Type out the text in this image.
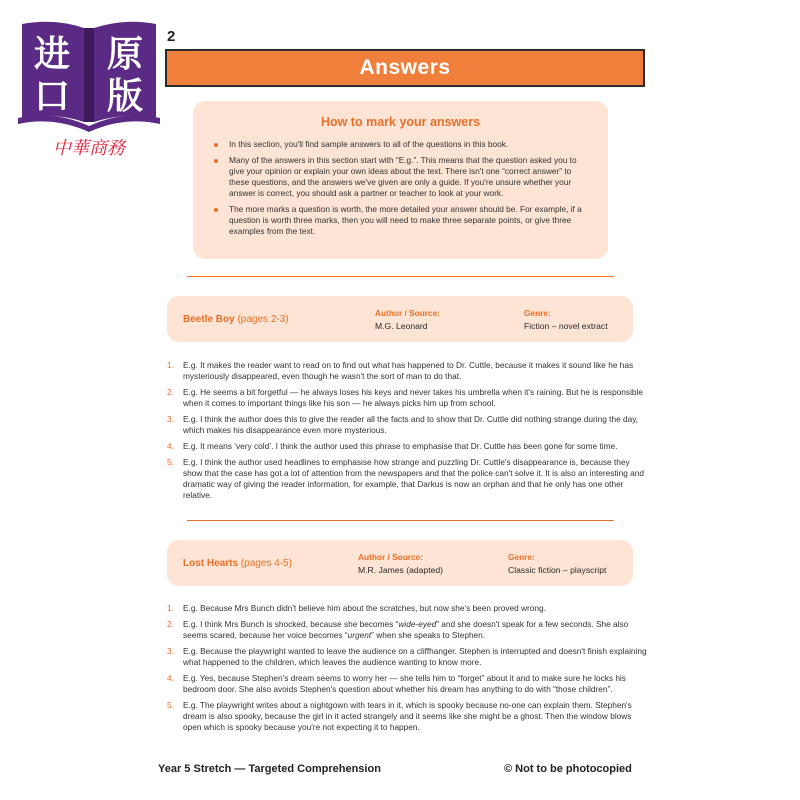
进 原
口 版
中華商務
2
Answers
How to mark your answers
In this section, you'll find sample answers to all of the questions in this book.
Many of the answers in this section start with “E.g.”. This means that the question asked you to give your opinion or explain your own ideas about the text. There isn't one “correct answer” to these questions, and the answers we've given are only a guide. If you're unsure whether your answer is correct, you should ask a partner or teacher to look at your work.
The more marks a question is worth, the more detailed your answer should be. For example, if a question is worth three marks, then you will need to make three separate points, or give three examples from the text.
Beetle Boy (pages 2-3)
Author / Source:
M.G. Leonard
Genre:
Fiction – novel extract
1. E.g. It makes the reader want to read on to find out what has happened to Dr. Cuttle, because it makes it sound like he has mysteriously disappeared, even though he wasn't the sort of man to do that.
2. E.g. He seems a bit forgetful — he always loses his keys and never takes his umbrella when it's raining. But he is responsible when it comes to important things like his son — he always picks him up from school.
3. E.g. I think the author does this to give the reader all the facts and to show that Dr. Cuttle did nothing strange during the day, which makes his disappearance even more mysterious.
4. E.g. It means ‘very cold’. I think the author used this phrase to emphasise that Dr. Cuttle has been gone for some time.
5. E.g. I think the author used headlines to emphasise how strange and puzzling Dr. Cuttle's disappearance is, because they show that the case has got a lot of attention from the newspapers and that the police can't solve it. It is also an interesting and dramatic way of giving the reader information, for example, that Darkus is now an orphan and that he only has one other relative.
Lost Hearts (pages 4-5)
Author / Source:
M.R. James (adapted)
Genre:
Classic fiction – playscript
1. E.g. Because Mrs Bunch didn't believe him about the scratches, but now she's been proved wrong.
2. E.g. I think Mrs Bunch is shocked, because she becomes “wide-eyed” and she doesn't speak for a few seconds. She also seems scared, because her voice becomes “urgent” when she speaks to Stephen.
3. E.g. Because the playwright wanted to leave the audience on a cliffhanger. Stephen is interrupted and doesn't finish explaining what happened to the children, which leaves the audience wanting to know more.
4. E.g. Yes, because Stephen's dream seems to worry her — she tells him to “forget” about it and to make sure he locks his bedroom door. She also avoids Stephen's question about whether his dream has anything to do with “those children”.
5. E.g. The playwright writes about a nightgown with tears in it, which is spooky because no-one can explain them. Stephen's dream is also spooky, because the girl in it acted strangely and it seems like she might be a ghost. Then the window blows open which is spooky because you're not expecting it to happen.
Year 5 Stretch — Targeted Comprehension	© Not to be photocopied
